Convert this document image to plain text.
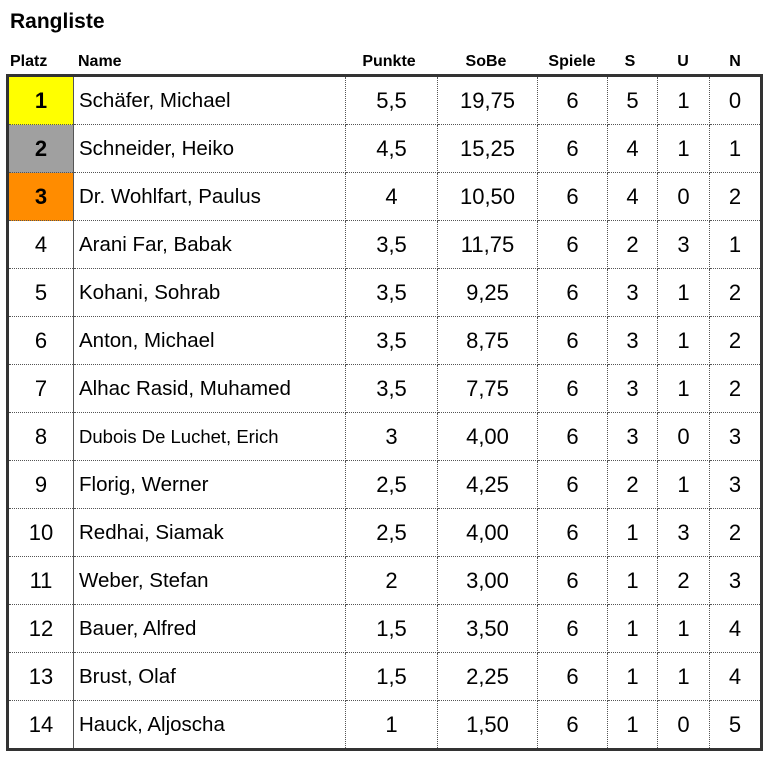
Rangliste
Platz	Name	Punkte	SoBe	Spiele	S	U	N
1	Schäfer, Michael	5,5	19,75	6	5	1	0
2	Schneider, Heiko	4,5	15,25	6	4	1	1
3	Dr. Wohlfart, Paulus	4	10,50	6	4	0	2
4	Arani Far, Babak	3,5	11,75	6	2	3	1
5	Kohani, Sohrab	3,5	9,25	6	3	1	2
6	Anton, Michael	3,5	8,75	6	3	1	2
7	Alhac Rasid, Muhamed	3,5	7,75	6	3	1	2
8	Dubois De Luchet, Erich	3	4,00	6	3	0	3
9	Florig, Werner	2,5	4,25	6	2	1	3
10	Redhai, Siamak	2,5	4,00	6	1	3	2
11	Weber, Stefan	2	3,00	6	1	2	3
12	Bauer, Alfred	1,5	3,50	6	1	1	4
13	Brust, Olaf	1,5	2,25	6	1	1	4
14	Hauck, Aljoscha	1	1,50	6	1	0	5
